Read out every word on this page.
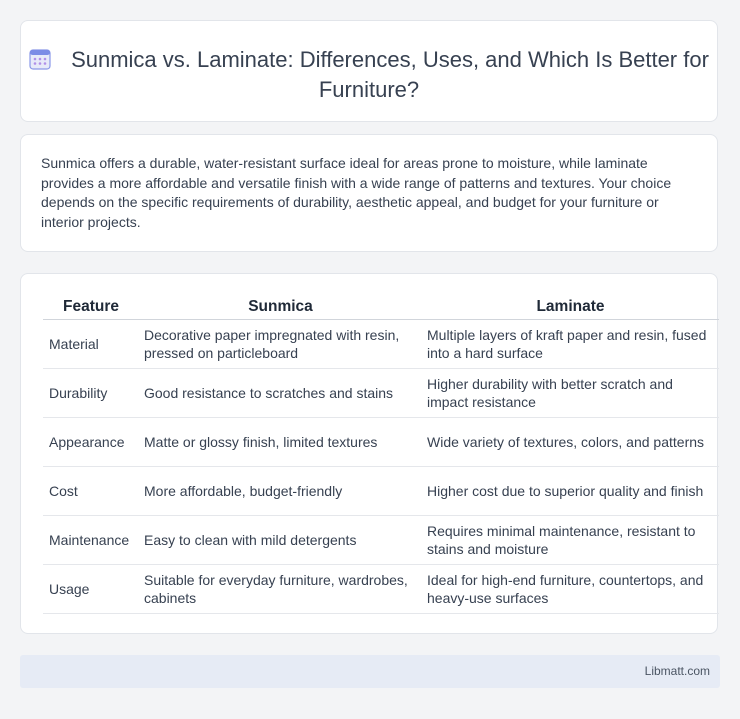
Sunmica vs. Laminate: Differences, Uses, and Which Is Better for Furniture?

Sunmica offers a durable, water-resistant surface ideal for areas prone to moisture, while laminate provides a more affordable and versatile finish with a wide range of patterns and textures. Your choice depends on the specific requirements of durability, aesthetic appeal, and budget for your furniture or interior projects.

Feature	Sunmica	Laminate
Material	Decorative paper impregnated with resin, pressed on particleboard	Multiple layers of kraft paper and resin, fused into a hard surface
Durability	Good resistance to scratches and stains	Higher durability with better scratch and impact resistance
Appearance	Matte or glossy finish, limited textures	Wide variety of textures, colors, and patterns
Cost	More affordable, budget-friendly	Higher cost due to superior quality and finish
Maintenance	Easy to clean with mild detergents	Requires minimal maintenance, resistant to stains and moisture
Usage	Suitable for everyday furniture, wardrobes, cabinets	Ideal for high-end furniture, countertops, and heavy-use surfaces
Libmatt.com
